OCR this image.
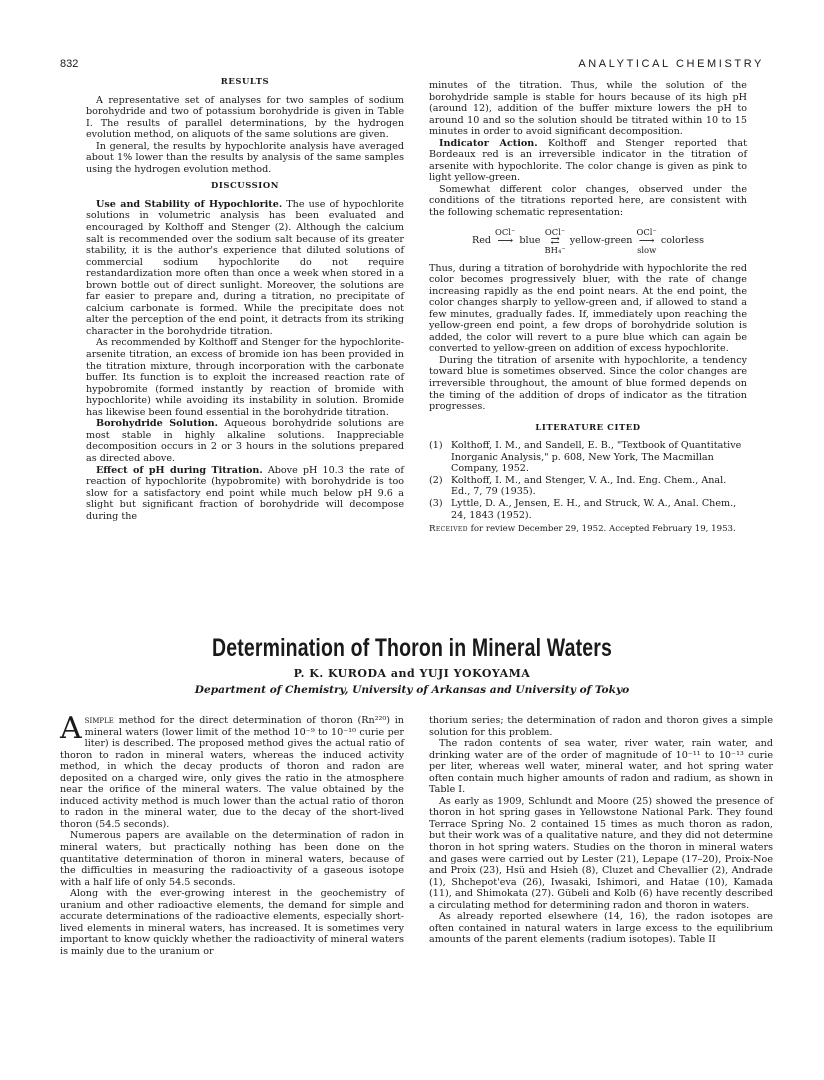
832	ANALYTICAL CHEMISTRY
RESULTS

A representative set of analyses for two samples of sodium borohydride and two of potassium borohydride is given in Table I. The results of parallel determinations, by the hydrogen evolution method, on aliquots of the same solutions are given.

In general, the results by hypochlorite analysis have averaged about 1% lower than the results by analysis of the same samples using the hydrogen evolution method.

DISCUSSION

Use and Stability of Hypochlorite. The use of hypochlorite solutions in volumetric analysis has been evaluated and encouraged by Kolthoff and Stenger (2). Although the calcium salt is recommended over the sodium salt because of its greater stability, it is the author's experience that diluted solutions of commercial sodium hypochlorite do not require restandardization more often than once a week when stored in a brown bottle out of direct sunlight. Moreover, the solutions are far easier to prepare and, during a titration, no precipitate of calcium carbonate is formed. While the precipitate does not alter the perception of the end point, it detracts from its striking character in the borohydride titration.

As recommended by Kolthoff and Stenger for the hypochlorite-arsenite titration, an excess of bromide ion has been provided in the titration mixture, through incorporation with the carbonate buffer. Its function is to exploit the increased reaction rate of hypobromite (formed instantly by reaction of bromide with hypochlorite) while avoiding its instability in solution. Bromide has likewise been found essential in the borohydride titration.

Borohydride Solution. Aqueous borohydride solutions are most stable in highly alkaline solutions. Inappreciable decomposition occurs in 2 or 3 hours in the solutions prepared as directed above.

Effect of pH during Titration. Above pH 10.3 the rate of reaction of hypochlorite (hypobromite) with borohydride is too slow for a satisfactory end point while much below pH 9.6 a slight but significant fraction of borohydride will decompose during the

minutes of the titration. Thus, while the solution of the borohydride sample is stable for hours because of its high pH (around 12), addition of the buffer mixture lowers the pH to around 10 and so the solution should be titrated within 10 to 15 minutes in order to avoid significant decomposition.

Indicator Action. Kolthoff and Stenger reported that Bordeaux red is an irreversible indicator in the titration of arsenite with hypochlorite. The color change is given as pink to light yellow-green.

Somewhat different color changes, observed under the conditions of the titrations reported here, are consistent with the following schematic representation:

Red
OCl⁻
⟶
blue
OCl⁻
⇄
BH₄⁻
yellow-green
OCl⁻
⟶
slow
colorless

Thus, during a titration of borohydride with hypochlorite the red color becomes progressively bluer, with the rate of change increasing rapidly as the end point nears. At the end point, the color changes sharply to yellow-green and, if allowed to stand a few minutes, gradually fades. If, immediately upon reaching the yellow-green end point, a few drops of borohydride solution is added, the color will revert to a pure blue which can again be converted to yellow-green on addition of excess hypochlorite.

During the titration of arsenite with hypochlorite, a tendency toward blue is sometimes observed. Since the color changes are irreversible throughout, the amount of blue formed depends on the timing of the addition of drops of indicator as the titration progresses.

LITERATURE CITED
(1) Kolthoff, I. M., and Sandell, E. B., "Textbook of Quantitative Inorganic Analysis," p. 608, New York, The Macmillan Company, 1952.
(2) Kolthoff, I. M., and Stenger, V. A., Ind. Eng. Chem., Anal. Ed., 7, 79 (1935).
(3) Lyttle, D. A., Jensen, E. H., and Struck, W. A., Anal. Chem., 24, 1843 (1952).
Received for review December 29, 1952. Accepted February 19, 1953.
Determination of Thoron in Mineral Waters
P. K. KURODA and YUJI YOKOYAMA
Department of Chemistry, University of Arkansas and University of Tokyo

Asimple method for the direct determination of thoron (Rn²²⁰) in mineral waters (lower limit of the method 10⁻⁹ to 10⁻¹⁰ curie per liter) is described. The proposed method gives the actual ratio of thoron to radon in mineral waters, whereas the induced activity method, in which the decay products of thoron and radon are deposited on a charged wire, only gives the ratio in the atmosphere near the orifice of the mineral waters. The value obtained by the induced activity method is much lower than the actual ratio of thoron to radon in the mineral water, due to the decay of the short-lived thoron (54.5 seconds).

Numerous papers are available on the determination of radon in mineral waters, but practically nothing has been done on the quantitative determination of thoron in mineral waters, because of the difficulties in measuring the radioactivity of a gaseous isotope with a half life of only 54.5 seconds.

Along with the ever-growing interest in the geochemistry of uranium and other radioactive elements, the demand for simple and accurate determinations of the radioactive elements, especially short-lived elements in mineral waters, has increased. It is sometimes very important to know quickly whether the radioactivity of mineral waters is mainly due to the uranium or

thorium series; the determination of radon and thoron gives a simple solution for this problem.

The radon contents of sea water, river water, rain water, and drinking water are of the order of magnitude of 10⁻¹¹ to 10⁻¹³ curie per liter, whereas well water, mineral water, and hot spring water often contain much higher amounts of radon and radium, as shown in Table I.

As early as 1909, Schlundt and Moore (25) showed the presence of thoron in hot spring gases in Yellowstone National Park. They found Terrace Spring No. 2 contained 15 times as much thoron as radon, but their work was of a qualitative nature, and they did not determine thoron in hot spring waters. Studies on the thoron in mineral waters and gases were carried out by Lester (21), Lepape (17–20), Proix-Noe and Proix (23), Hsü and Hsieh (8), Cluzet and Chevallier (2), Andrade (1), Shchepot'eva (26), Iwasaki, Ishimori, and Hatae (10), Kamada (11), and Shimokata (27). Gübeli and Kolb (6) have recently described a circulating method for determining radon and thoron in waters.

As already reported elsewhere (14, 16), the radon isotopes are often contained in natural waters in large excess to the equilibrium amounts of the parent elements (radium isotopes). Table II
